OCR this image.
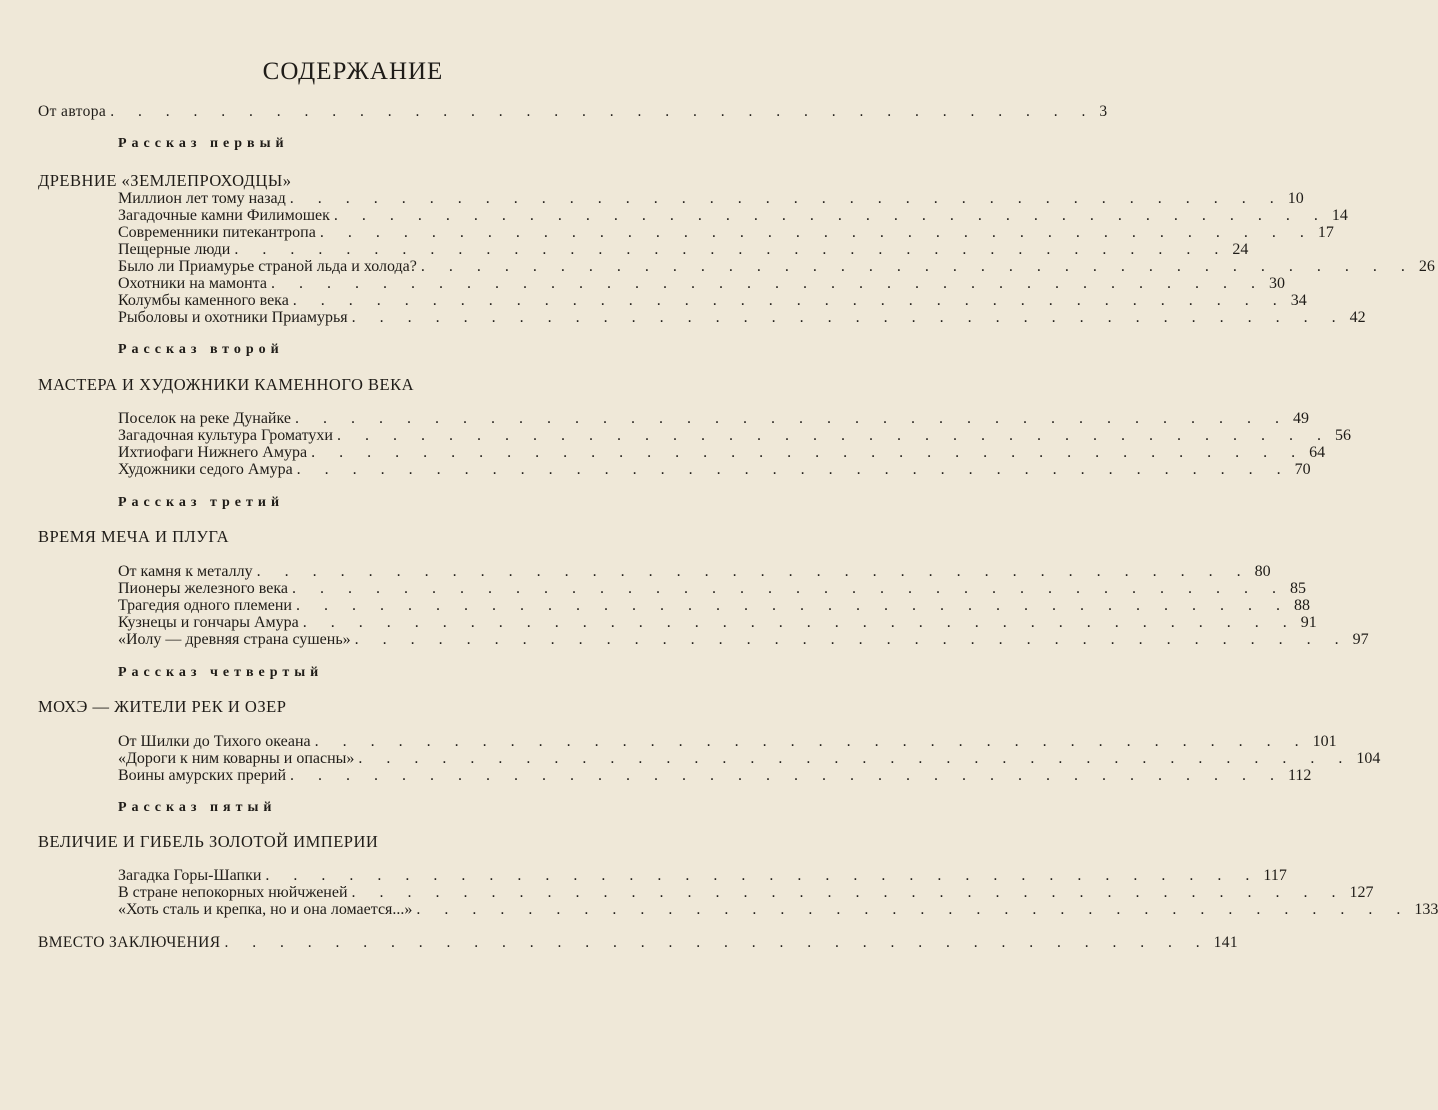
СОДЕРЖАНИЕ
От автора . . . . . . . . . . . . . . . . . . . . . . . . . . . . . . . . . . . . 3
Рассказ первый
ДРЕВНИЕ «ЗЕМЛЕПРОХОДЦЫ»
Миллион лет тому назад . . . . . . . . . . . . . . . . . . . . . . . . . . . . . . . . . . . . 10
Загадочные камни Филимошек . . . . . . . . . . . . . . . . . . . . . . . . . . . . . . . . . . . . 14
Современники питекантропа . . . . . . . . . . . . . . . . . . . . . . . . . . . . . . . . . . . . 17
Пещерные люди . . . . . . . . . . . . . . . . . . . . . . . . . . . . . . . . . . . . 24
Было ли Приамурье страной льда и холода? . . . . . . . . . . . . . . . . . . . . . . . . . . . . . . . . . . . . 26
Охотники на мамонта . . . . . . . . . . . . . . . . . . . . . . . . . . . . . . . . . . . . 30
Колумбы каменного века . . . . . . . . . . . . . . . . . . . . . . . . . . . . . . . . . . . . 34
Рыболовы и охотники Приамурья . . . . . . . . . . . . . . . . . . . . . . . . . . . . . . . . . . . . 42
Рассказ второй
МАСТЕРА И ХУДОЖНИКИ КАМЕННОГО ВЕКА
Поселок на реке Дунайке . . . . . . . . . . . . . . . . . . . . . . . . . . . . . . . . . . . . 49
Загадочная культура Громатухи . . . . . . . . . . . . . . . . . . . . . . . . . . . . . . . . . . . . 56
Ихтиофаги Нижнего Амура . . . . . . . . . . . . . . . . . . . . . . . . . . . . . . . . . . . . 64
Художники седого Амура . . . . . . . . . . . . . . . . . . . . . . . . . . . . . . . . . . . . 70
Рассказ третий
ВРЕМЯ МЕЧА И ПЛУГА
От камня к металлу . . . . . . . . . . . . . . . . . . . . . . . . . . . . . . . . . . . . 80
Пионеры железного века . . . . . . . . . . . . . . . . . . . . . . . . . . . . . . . . . . . . 85
Трагедия одного племени . . . . . . . . . . . . . . . . . . . . . . . . . . . . . . . . . . . . 88
Кузнецы и гончары Амура . . . . . . . . . . . . . . . . . . . . . . . . . . . . . . . . . . . . 91
«Иолу — древняя страна сушень» . . . . . . . . . . . . . . . . . . . . . . . . . . . . . . . . . . . . 97
Рассказ четвертый
МОХЭ — ЖИТЕЛИ РЕК И ОЗЕР
От Шилки до Тихого океана . . . . . . . . . . . . . . . . . . . . . . . . . . . . . . . . . . . . 101
«Дороги к ним коварны и опасны» . . . . . . . . . . . . . . . . . . . . . . . . . . . . . . . . . . . . 104
Воины амурских прерий . . . . . . . . . . . . . . . . . . . . . . . . . . . . . . . . . . . . 112
Рассказ пятый
ВЕЛИЧИЕ И ГИБЕЛЬ ЗОЛОТОЙ ИМПЕРИИ
Загадка Горы-Шапки . . . . . . . . . . . . . . . . . . . . . . . . . . . . . . . . . . . . 117
В стране непокорных нюйчженей . . . . . . . . . . . . . . . . . . . . . . . . . . . . . . . . . . . . 127
«Хоть сталь и крепка, но и она ломается...» . . . . . . . . . . . . . . . . . . . . . . . . . . . . . . . . . . . . 133
ВМЕСТО ЗАКЛЮЧЕНИЯ . . . . . . . . . . . . . . . . . . . . . . . . . . . . . . . . . . . . 141
